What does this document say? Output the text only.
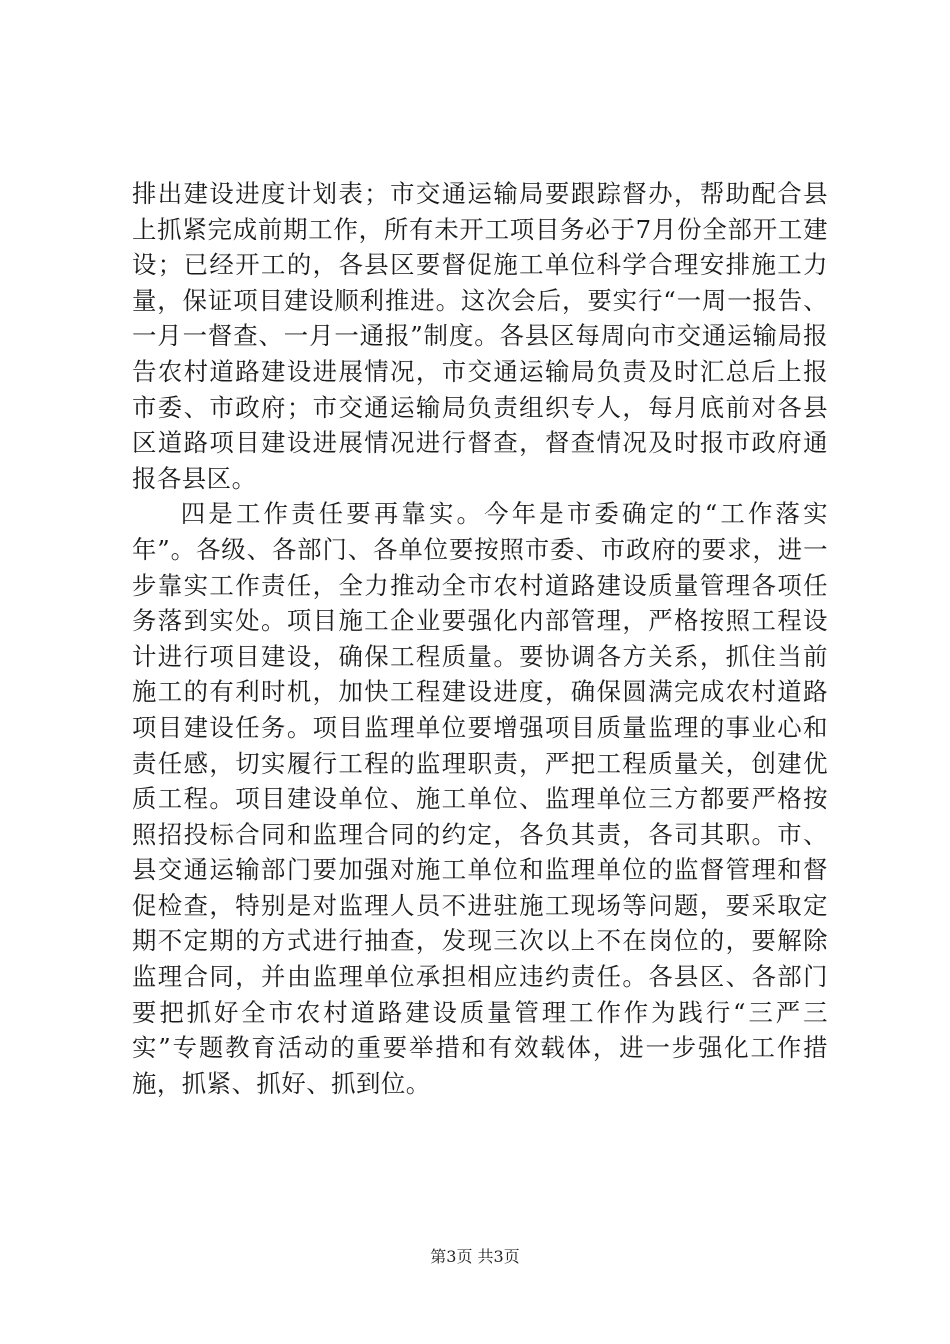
排出建设进度计划表；市交通运输局要跟踪督办，帮助配合县上抓紧完成前期工作，所有未开工项目务必于7月份全部开工建设；已经开工的，各县区要督促施工单位科学合理安排施工力量，保证项目建设顺利推进。这次会后，要实行“一周一报告、一月一督查、一月一通报”制度。各县区每周向市交通运输局报告农村道路建设进展情况，市交通运输局负责及时汇总后上报市委、市政府；市交通运输局负责组织专人，每月底前对各县区道路项目建设进展情况进行督查，督查情况及时报市政府通报各县区。

四是工作责任要再靠实。今年是市委确定的“工作落实年”。各级、各部门、各单位要按照市委、市政府的要求，进一步靠实工作责任，全力推动全市农村道路建设质量管理各项任务落到实处。项目施工企业要强化内部管理，严格按照工程设计进行项目建设，确保工程质量。要协调各方关系，抓住当前施工的有利时机，加快工程建设进度，确保圆满完成农村道路项目建设任务。项目监理单位要增强项目质量监理的事业心和责任感，切实履行工程的监理职责，严把工程质量关，创建优质工程。项目建设单位、施工单位、监理单位三方都要严格按照招投标合同和监理合同的约定，各负其责，各司其职。市、县交通运输部门要加强对施工单位和监理单位的监督管理和督促检查，特别是对监理人员不进驻施工现场等问题，要采取定期不定期的方式进行抽查，发现三次以上不在岗位的，要解除监理合同，并由监理单位承担相应违约责任。各县区、各部门要把抓好全市农村道路建设质量管理工作作为践行“三严三实”专题教育活动的重要举措和有效载体，进一步强化工作措施，抓紧、抓好、抓到位。

第3页 共3页
